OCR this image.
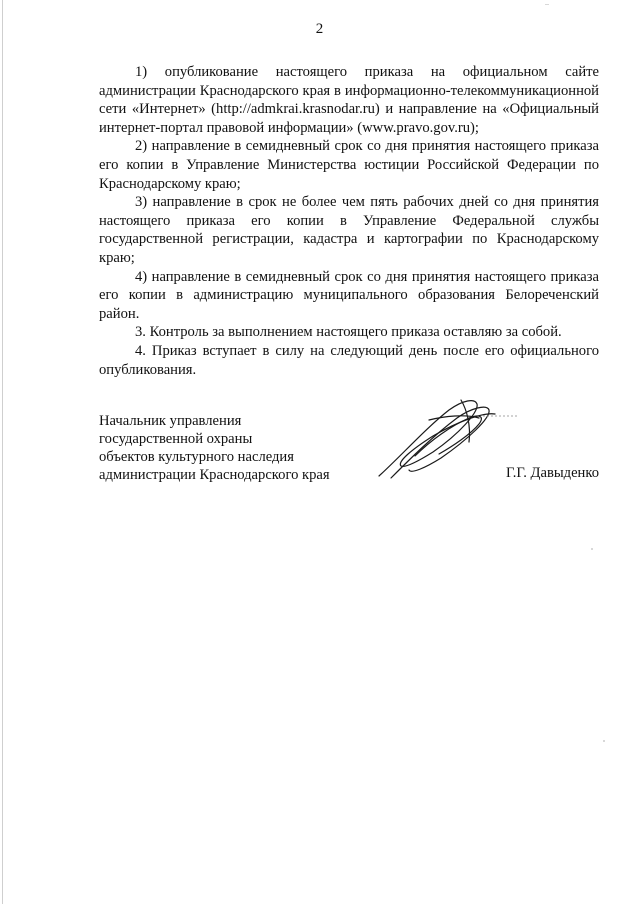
2

1) опубликование настоящего приказа на официальном сайте администрации Краснодарского края в информационно-телекоммуникационной сети «Интернет» (http://admkrai.krasnodar.ru) и направление на «Официальный интернет-портал правовой информации» (www.pravo.gov.ru);

2) направление в семидневный срок со дня принятия настоящего приказа его копии в Управление Министерства юстиции Российской Федерации по Краснодарскому краю;

3) направление в срок не более чем пять рабочих дней со дня принятия настоящего приказа его копии в Управление Федеральной службы государственной регистрации, кадастра и картографии по Краснодарскому краю;

4) направление в семидневный срок со дня принятия настоящего приказа его копии в администрацию муниципального образования Белореченский район.

3. Контроль за выполнением настоящего приказа оставляю за собой.

4. Приказ вступает в силу на следующий день после его официального опубликования.

Начальник управления
государственной охраны
объектов культурного наследия
администрации Краснодарского края	Г.Г. Давыденко
